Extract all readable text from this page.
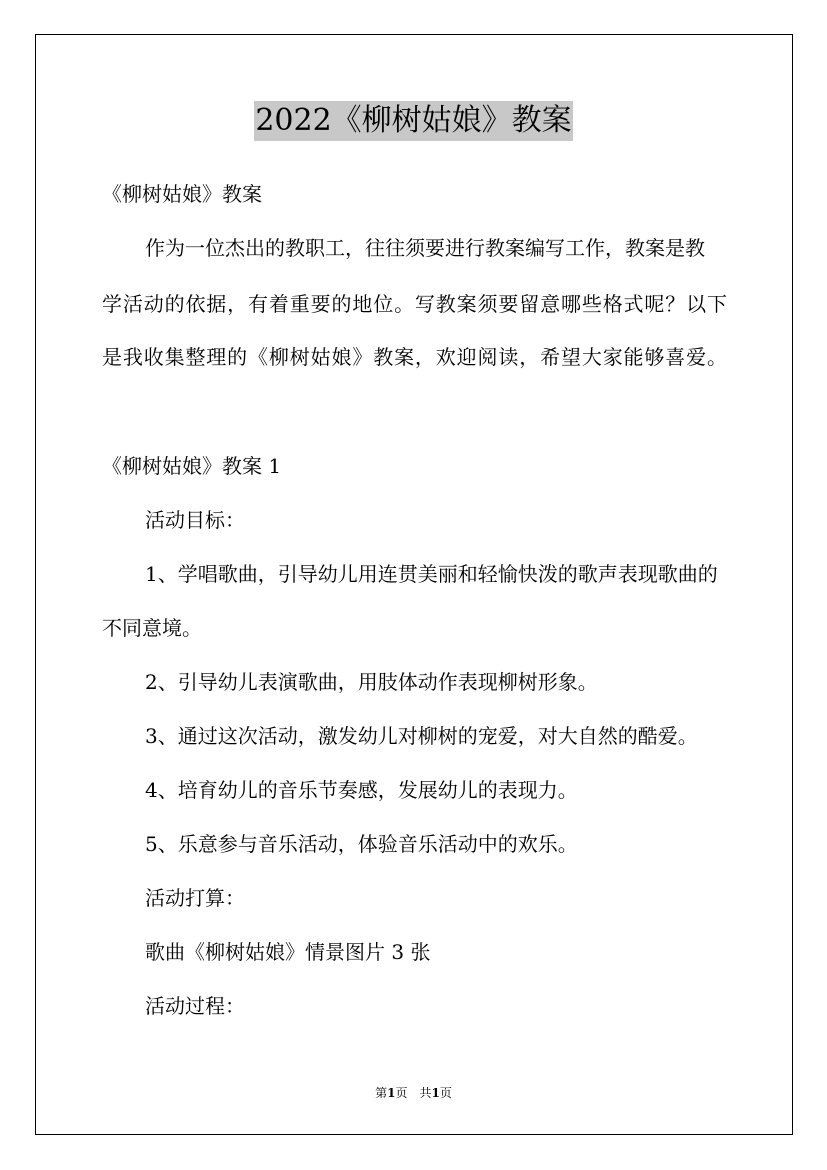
2022《柳树姑娘》教案
《柳树姑娘》教案
作为一位杰出的教职工，往往须要进行教案编写工作，教案是教
学活动的依据，有着重要的地位。写教案须要留意哪些格式呢？以下
是我收集整理的《柳树姑娘》教案，欢迎阅读，希望大家能够喜爱。
《柳树姑娘》教案 1
活动目标：
1、学唱歌曲，引导幼儿用连贯美丽和轻愉快泼的歌声表现歌曲的
不同意境。
2、引导幼儿表演歌曲，用肢体动作表现柳树形象。
3、通过这次活动，激发幼儿对柳树的宠爱，对大自然的酷爱。
4、培育幼儿的音乐节奏感，发展幼儿的表现力。
5、乐意参与音乐活动，体验音乐活动中的欢乐。
活动打算：
歌曲《柳树姑娘》情景图片 3 张
活动过程：
第1页　共1页
